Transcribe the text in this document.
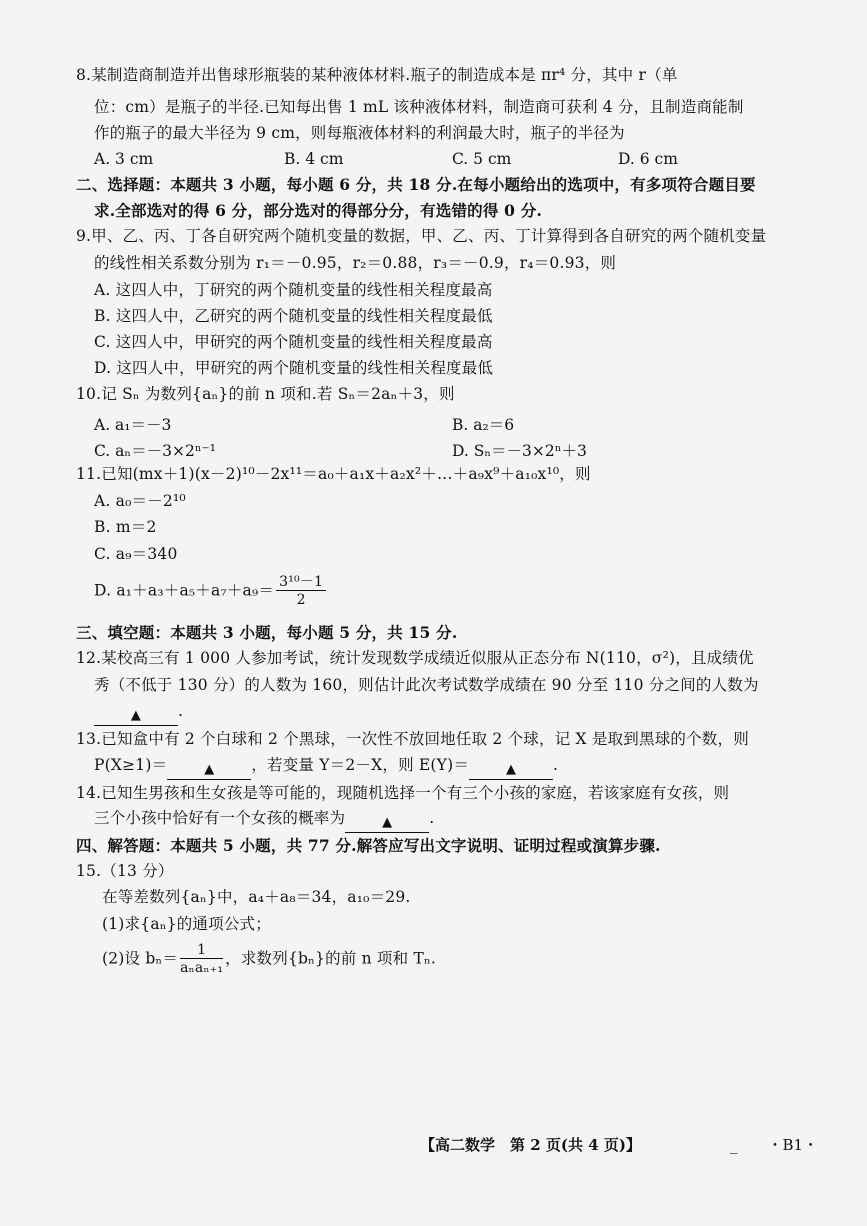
8.某制造商制造并出售球形瓶装的某种液体材料.瓶子的制造成本是 πr⁴ 分，其中 r（单
位：cm）是瓶子的半径.已知每出售 1 mL 该种液体材料，制造商可获利 4 分，且制造商能制
作的瓶子的最大半径为 9 cm，则每瓶液体材料的利润最大时，瓶子的半径为
A. 3 cm	B. 4 cm	C. 5 cm	D. 6 cm
二、选择题：本题共 3 小题，每小题 6 分，共 18 分.在每小题给出的选项中，有多项符合题目要
求.全部选对的得 6 分，部分选对的得部分分，有选错的得 0 分.
9.甲、乙、丙、丁各自研究两个随机变量的数据，甲、乙、丙、丁计算得到各自研究的两个随机变量
的线性相关系数分别为 r₁＝－0.95，r₂＝0.88，r₃＝－0.9，r₄＝0.93，则
A. 这四人中，丁研究的两个随机变量的线性相关程度最高
B. 这四人中，乙研究的两个随机变量的线性相关程度最低
C. 这四人中，甲研究的两个随机变量的线性相关程度最高
D. 这四人中，甲研究的两个随机变量的线性相关程度最低
10.记 Sₙ 为数列{aₙ}的前 n 项和.若 Sₙ＝2aₙ＋3，则
A. a₁＝－3	B. a₂＝6
C. aₙ＝－3×2ⁿ⁻¹	D. Sₙ＝－3×2ⁿ＋3
11.已知(mx＋1)(x－2)¹⁰－2x¹¹＝a₀＋a₁x＋a₂x²＋…＋a₉x⁹＋a₁₀x¹⁰，则
A. a₀＝－2¹⁰
B. m＝2
C. a₉＝340
D. $a_1+a_3+a_5+a_7+a_9= \frac{\text{3¹⁰－1}}{2}$
三、填空题：本题共 3 小题，每小题 5 分，共 15 分.
12.某校高三有 1 000 人参加考试，统计发现数学成绩近似服从正态分布 N(110，σ²)，且成绩优
秀（不低于 130 分）的人数为 160，则估计此次考试数学成绩在 90 分至 110 分之间的人数为
▲ .
13.已知盒中有 2 个白球和 2 个黑球，一次性不放回地任取 2 个球，记 X 是取到黑球的个数，则
P(X≥1)＝	▲ ，若变量 Y＝2－X，则 E(Y)＝	▲ .
14.已知生男孩和生女孩是等可能的，现随机选择一个有三个小孩的家庭，若该家庭有女孩，则
三个小孩中恰好有一个女孩的概率为	▲ .
四、解答题：本题共 5 小题，共 77 分.解答应写出文字说明、证明过程或演算步骤.
15.（13 分）
在等差数列{aₙ}中，a₄＋a₈＝34，a₁₀＝29.
(1)求{aₙ}的通项公式；
(2)设 $b_n= \frac{1}{\text{aₙaₙ₊₁}}$ ，求数列{bₙ}的前 n 项和 Tₙ.
【高二数学　第 2 页(共 4 页)】	_　　・B1・
